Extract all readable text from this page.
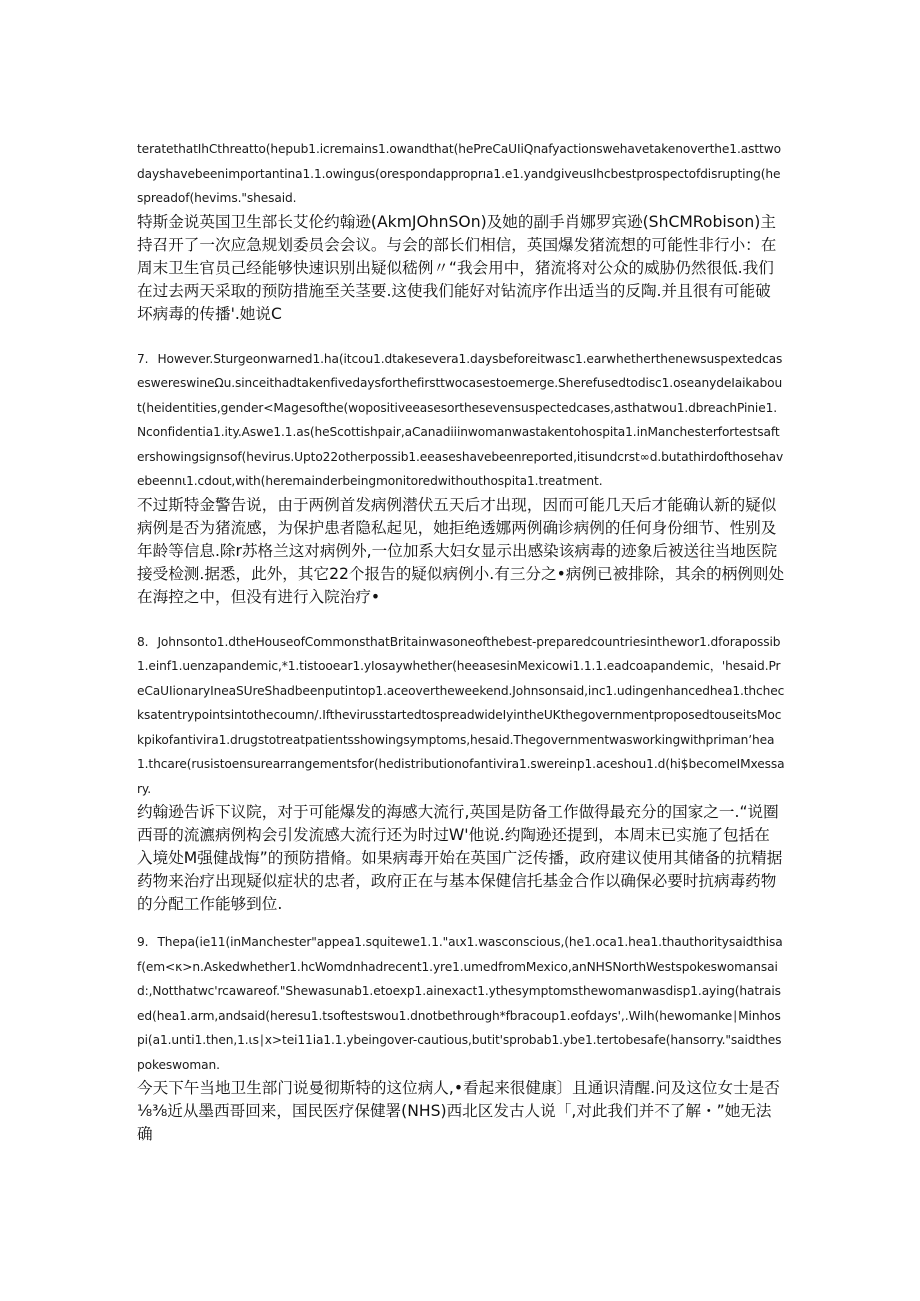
teratethatIhCthreatto(hepub1.icremains1.owandthat(hePreCaUIiQnafyactionswehavetakenoverthe1.asttwodayshavebeenimportantina1.1.owingus(orespondapproprıa1.e1.yandgiveusIhcbestprospectofdisrupting(hespreadof(hevims."shesaid.

特斯金说英国卫生部长艾伦约翰逊(AkmJOhnSOn)及她的副手肖娜罗宾逊(ShCMRobison)主持召开了一次应急规划委员会会议。与会的部长们相信，英国爆发猪流想的可能性非行小：在周末卫生官员己经能够快速识别出疑似嵇例〃“我会用中，猪流将对公众的威胁仍然很低.我们在过去两天采取的预防措施至关茎要.这使我们能好对钻流序作出适当的反陶.并且很有可能破坏病毒的传播'.她说C

7. However.Sturgeonwarned1.ha(itcou1.dtakesevera1.daysbeforeitwasc1.earwhetherthenewsuspextedcaseswereswineΩu.sinceithadtakenfivedaysforthefirsttwocasestoemerge.Sherefusedtodisc1.oseanydeIaikabout(heidentities,gender<Magesofthe(wopositiveeasesorthesevensuspectedcases,asthatwou1.dbreachPinie1.Nconfidentia1.ity.Aswe1.1.as(heScottishpair,aCanadiiinwomanwastakentohospita1.inManchesterfortestsaftershowingsignsof(hevirus.Upto22otherpossib1.eeaseshavebeenreported,itisundcrst∞d.butathirdofthosehavebeennι1.cdout,with(heremainderbeingmonitoredwithouthospita1.treatment.

不过斯特金警告说，由于两例首发病例潜伏五天后才出现，因而可能几天后才能确认新的疑似病例是否为猪流感，为保护患者隐私起见，她拒绝透娜两例确诊病例的任何身份细节、性别及年龄等信息.除r苏格兰这对病例外,一位加系大妇女显示出感染该病毒的迹象后被送往当地医院接受检测.据悉，此外，其它22个报告的疑似病例小.有三分之•病例已被排除，其余的柄例则处在海控之中，但没有进行入院治疗•

8. Johnsonto1.dtheHouseofCommonsthatBritainwasoneofthebest-preparedcountriesinthewor1.dforapossib1.einf1.uenzapandemic,*1.tistooear1.yIosaywhether(heeasesinMexicowi1.1.1.eadcoapandemic，'hesaid.PreCaUIionaryIneaSUreShadbeenputintop1.aceovertheweekend.Johnsonsaid,inc1.udingenhancedhea1.thchecksatentrypointsintothecoumn/.IfthevirusstartedtospreadwideIyintheUKthegovernmentproposedtouseitsMockpikofantivira1.drugstotreatpatientsshowingsymptoms,hesaid.Thegovernmentwasworkingwithprimanʼhea1.thcare(rusistoensurearrangementsfor(hedistributionofantivira1.swereinp1.aceshou1.d(hi$becomeIMxessary.

约翰逊告诉下议院，对于可能爆发的海感大流行,英国是防备工作做得最充分的国家之一.“说圈西哥的流瀌病例构会引发流感大流行还为时过W'他说.约陶逊还提到，本周末已实施了包括在入境处M强健战悔”的预防措脩。如果病毒开始在英国广泛传播，政府建议使用其储备的抗精据药物来治疗出现疑似症状的忠者，政府正在与基本保健信托基金合作以确保必要时抗病毒药物的分配工作能够到位.

9. Thepa(ie11(inManchester"appea1.squitewe1.1."aιx1.wasconscious,(he1.oca1.hea1.thauthoritysaidthisaf(em<κ>n.Askedwhether1.hcWomdnhadrecent1.yre1.umedfromMexico,anNHSNorthWestspokeswomansaid:,Notthatwc'rcawareof."Shewasunab1.etoexp1.ainexact1.ythesymptomsthewomanwasdisp1.aying(hatraised(hea1.arm,andsaid(heresu1.tsoftestswou1.dnotbethrough*fbracoup1.eofdays',.WiIh(hewomanke∣Minhospi(a1.unti1.then,1.ιs∣x>tei11ia1.1.ybeingover-cautious,butit'sprobab1.ybe1.tertobesafe(hansorry."saidthespokeswoman.

今天下午当地卫生部门说曼彻斯特的这位病人,•看起来很健康〕且通识清醒.问及这位女士是否⅛⅜近从墨西哥回来，国民医疗保健署(NHS)西北区发古人说「,对此我们并不了解・”她无法确
